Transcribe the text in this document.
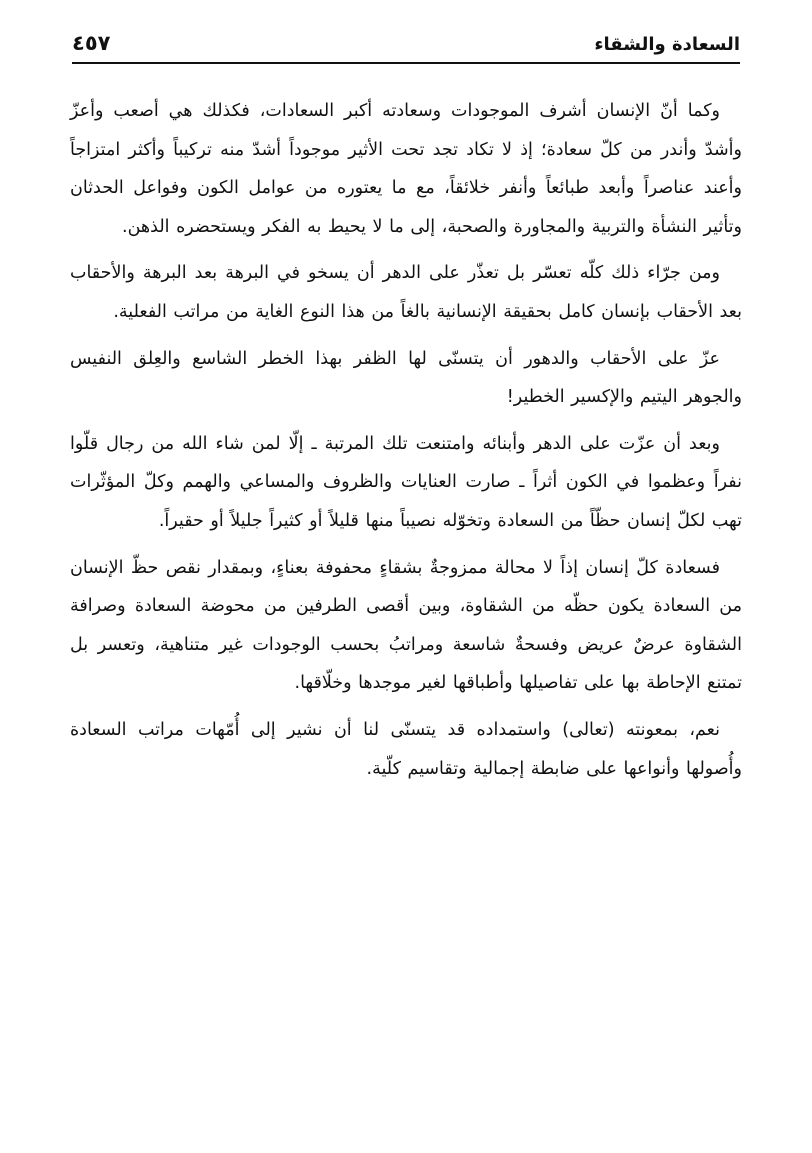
السعادة والشقاء
٤٥٧

وكما أنّ الإنسان أشرف الموجودات وسعادته أكبر السعادات، فكذلك هي أصعب وأعزّ وأشدّ وأندر من كلّ سعادة؛ إذ لا تكاد تجد تحت الأثير موجوداً أشدّ منه تركيباً وأكثر امتزاجاً وأعند عناصراً وأبعد طبائعاً وأنفر خلائقاً، مع ما يعتوره من عوامل الكون وفواعل الحدثان وتأثير النشأة والتربية والمجاورة والصحبة، إلى ما لا يحيط به الفكر ويستحضره الذهن.

ومن جرّاء ذلك كلّه تعسّر بل تعذّر على الدهر أن يسخو في البرهة بعد البرهة والأحقاب بعد الأحقاب بإنسان كامل بحقيقة الإنسانية بالغاً من هذا النوع الغاية من مراتب الفعلية.

عزّ على الأحقاب والدهور أن يتسنّى لها الظفر بهذا الخطر الشاسع والعِلق النفيس والجوهر اليتيم والإكسير الخطير!

وبعد أن عزّت على الدهر وأبنائه وامتنعت تلك المرتبة ـ إلّا لمن شاء الله من رجال قلّوا نفراً وعظموا في الكون أثراً ـ صارت العنايات والظروف والمساعي والهمم وكلّ المؤثّرات تهب لكلّ إنسان حظّاً من السعادة وتخوّله نصيباً منها قليلاً أو كثيراً جليلاً أو حقيراً.

فسعادة كلّ إنسان إذاً لا محالة ممزوجةٌ بشقاءٍ محفوفة بعناءٍ، وبمقدار نقص حظّ الإنسان من السعادة يكون حظّه من الشقاوة، وبين أقصى الطرفين من محوضة السعادة وصرافة الشقاوة عرضٌ عريض وفسحةٌ شاسعة ومراتبُ بحسب الوجودات غير متناهية، وتعسر بل تمتنع الإحاطة بها على تفاصيلها وأطباقها لغير موجدها وخلّاقها.

نعم، بمعونته (تعالى) واستمداده قد يتسنّى لنا أن نشير إلى أُمّهات مراتب السعادة وأُصولها وأنواعها على ضابطة إجمالية وتقاسيم كلّية.
